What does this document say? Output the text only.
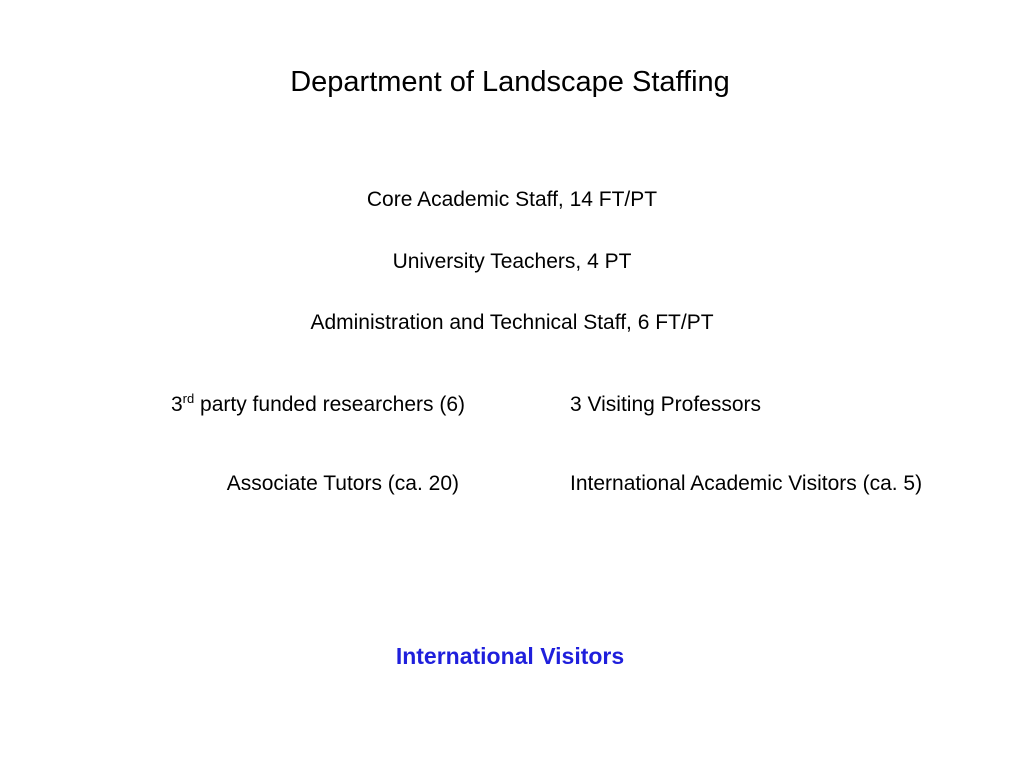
Department of Landscape Staffing
Core Academic Staff, 14 FT/PT
University Teachers, 4 PT
Administration and Technical Staff, 6 FT/PT
3rd party funded researchers (6)	3 Visiting Professors
Associate Tutors (ca. 20)	International Academic Visitors (ca. 5)
International Visitors
